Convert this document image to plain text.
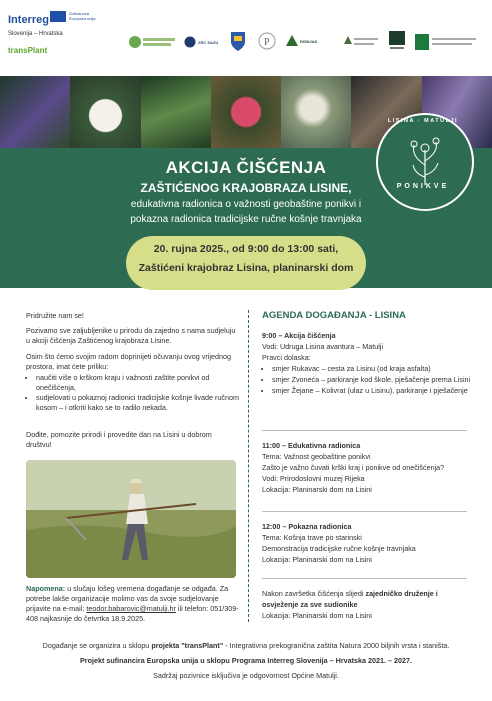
Interreg
Sufinancira
Europska unija
Slovenija – Hrvatska
transPlant
ZRC SAZU	P	RISNJAK
AKCIJA ČIŠĆENJA
ZAŠTIĆENOG KRAJOBRAZA LISINE,
edukativna radionica o važnosti geobaštine ponikvi i
pokazna radionica tradicijske ručne košnje travnjaka
20. rujna 2025., od 9:00 do 13:00 sati,
Zaštićeni krajobraz Lisina, planinarski dom
LISINA · MATULJI
PONIKVE
Pridružite nam se!
Pozivamo sve zaljubljenike u prirodu da zajedno s nama sudjeluju u akciji čišćenja Zaštićenog krajobraza Lisine.
Osim što ćemo svojim radom doprinijeti očuvanju ovog vrijednog prostora, imat ćete priliku:
• naučiti više o krškom kraju i važnosti zaštite ponikvi od onečišćenja,
• sudjelovati u pokaznoj radionici tradicijske košnje livade ručnom kosom – i otkriti kako se to radilo nekada.
Dođite, pomozite prirodi i provedite dan na Lisini u dobrom društvu!
Napomena: u slučaju lošeg vremena događanje se odgađa. Za potrebe lakše organizacije molimo vas da svoje sudjelovanje prijavite na e-mail: teodor.babarovic@matulji.hr ili telefon: 051/309-408 najkasnije do četvrtka 18.9.2025.
AGENDA DOGAĐANJA - LISINA
9:00 – Akcija čišćenja
Vodi: Udruga Lisina avantura – Matulji
Pravci dolaska:
• smjer Rukavac – cesta za Lisinu (od kraja asfalta)
• smjer Zvoneća – parkiranje kod škole, pješačenje prema Lisini
• smjer Žejane – Kolivrat (ulaz u Lisinu), parkiranje i pješačenje
11:00 – Edukativna radionica
Tema: Važnost geobaštine ponikvi
Zašto je važno čuvati krški kraj i ponikve od onečišćenja?
Vodi: Prirodoslovni muzej Rijeka
Lokacija: Planinarski dom na Lisini
12:00 – Pokazna radionica
Tema: Košnja trave po starinski
Demonstracija tradicijske ručne košnje travnjaka
Lokacija: Planinarski dom na Lisini
Nakon završetka čišćenja slijedi zajedničko druženje i osvježenje za sve sudionike
Lokacija: Planinarski dom na Lisini
Događanje se organizira u sklopu projekta "transPlant" - Integrativna prekogranična zaštita Natura 2000 biljnih vrsta i staništa.
Projekt sufinancira Europska unija u sklopu Programa Interreg Slovenija – Hrvatska 2021. – 2027.
Sadržaj pozivnice isključiva je odgovornost Općine Matulji.
